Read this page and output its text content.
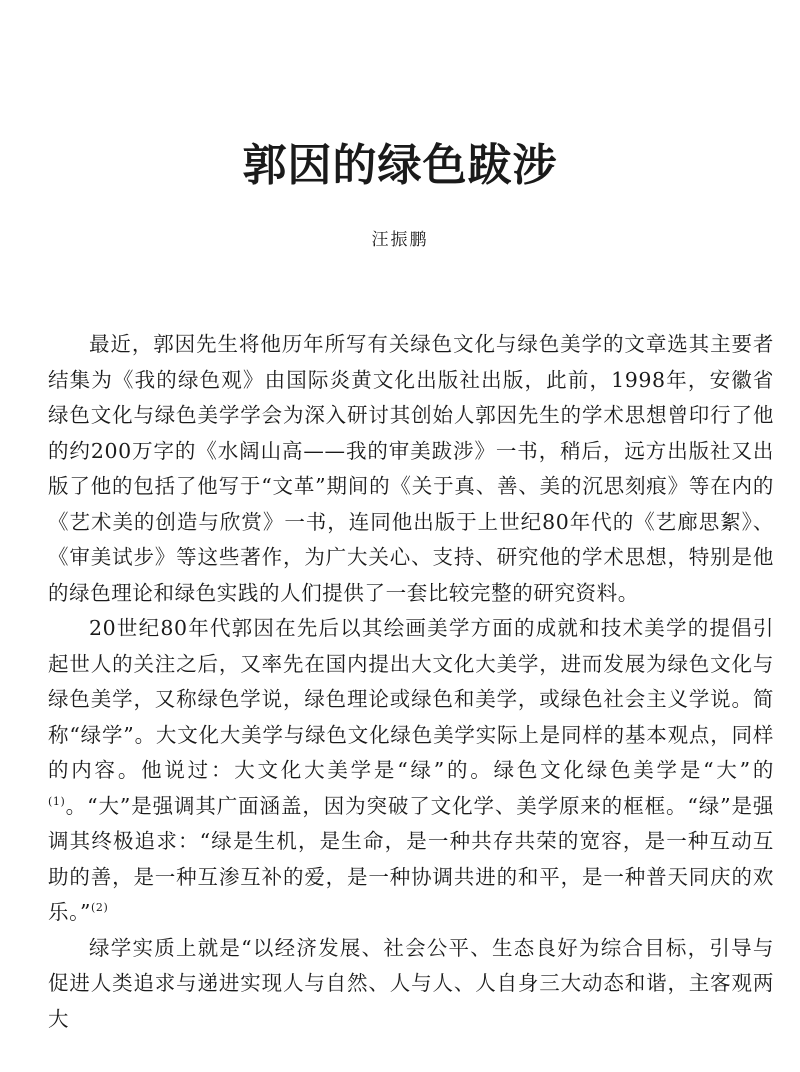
郭因的绿色跋涉
汪振鹏

最近，郭因先生将他历年所写有关绿色文化与绿色美学的文章选其主要者结集为《我的绿色观》由国际炎黄文化出版社出版，此前，1998年，安徽省绿色文化与绿色美学学会为深入研讨其创始人郭因先生的学术思想曾印行了他的约200万字的《水阔山高——我的审美跋涉》一书，稍后，远方出版社又出版了他的包括了他写于“文革”期间的《关于真、善、美的沉思刻痕》等在内的《艺术美的创造与欣赏》一书，连同他出版于上世纪80年代的《艺廊思絮》、《审美试步》等这些著作，为广大关心、支持、研究他的学术思想，特别是他的绿色理论和绿色实践的人们提供了一套比较完整的研究资料。

20世纪80年代郭因在先后以其绘画美学方面的成就和技术美学的提倡引起世人的关注之后，又率先在国内提出大文化大美学，进而发展为绿色文化与绿色美学，又称绿色学说，绿色理论或绿色和美学，或绿色社会主义学说。简称“绿学”。大文化大美学与绿色文化绿色美学实际上是同样的基本观点，同样的内容。他说过：大文化大美学是“绿”的。绿色文化绿色美学是“大”的$^{(1)}$。“大”是强调其广面涵盖，因为突破了文化学、美学原来的框框。“绿”是强调其终极追求：“绿是生机，是生命，是一种共存共荣的宽容，是一种互动互助的善，是一种互渗互补的爱，是一种协调共进的和平，是一种普天同庆的欢乐。”$^{(2)}$

绿学实质上就是“以经济发展、社会公平、生态良好为综合目标，引导与促进人类追求与递进实现人与自然、人与人、人自身三大动态和谐，主客观两大
